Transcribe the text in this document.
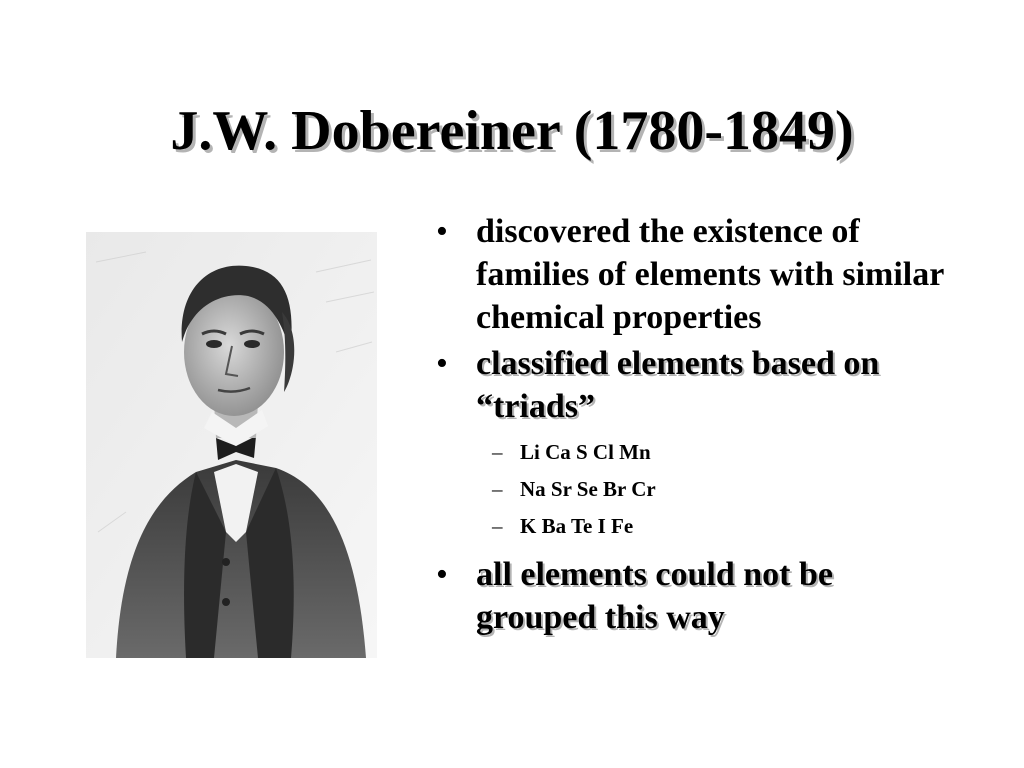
J.W. Dobereiner (1780-1849)
• discovered the existence of families of elements with similar chemical properties
• classified elements based on “triads”
– Li Ca S Cl Mn
– Na Sr Se Br Cr
– K Ba Te I Fe
• all elements could not be grouped this way
